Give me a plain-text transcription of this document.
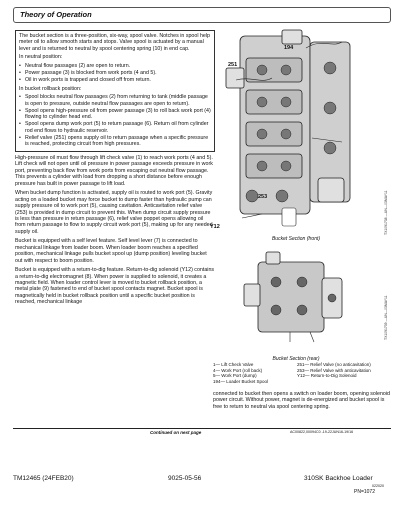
Theory of Operation

The bucket section is a three-position, six-way, spool valve. Notches in spool help meter oil to allow smooth starts and stops. Valve spool is actuated by a manual lever and is returned to neutral by spool centering spring (10) in end cap.

In neutral position:

• Neutral flow passages (2) are open to return.
• Power passage (3) is blocked from work ports (4 and 5).
• Oil in work ports is trapped and closed off from return.

In bucket rollback position:

• Spool blocks neutral flow passages (2) from returning to tank (middle passage is open to pressure, outside neutral flow passages are open to return).
• Spool opens high-pressure oil from power passage (3) to roll back work port (4) flowing to cylinder head end.
• Spool opens dump work port (5) to return passage (6). Return oil from cylinder rod end flows to hydraulic reservoir.
• Relief valve (251) opens supply oil to return passage when a specific pressure is reached, protecting circuit from high pressures.

High-pressure oil must flow through lift check valve (1) to reach work ports (4 and 5). Lift check will not open until oil pressure in power passage exceeds pressure in work port, preventing back flow from work ports from escaping out neutral flow passage. This prevents a cylinder with load from dropping a short distance before enough pressure has built in power passage to lift load.

When bucket dump function is activated, supply oil is routed to work port (5). Gravity acting on a loaded bucket may force bucket to dump faster than hydraulic pump can supply pressure oil to work port (5), causing cavitation. Anticavitation relief valve (253) is provided in dump circuit to prevent this. When dump circuit supply pressure is less than pressure in return passage (6), relief valve poppet opens allowing oil from return passage to flow to supply circuit work port (5), making up for any needed supply oil.

Bucket is equipped with a self level feature. Self level lever (7) is connected to mechanical linkage from loader boom. When loader boom reaches a specified position, mechanical linkage pulls bucket spool up (dump position) leveling bucket out with respect to boom position.

Bucket is equipped with a return-to-dig feature. Return-to-dig solenoid (Y12) contains a return-to-dig electromagnet (8). When power is supplied to solenoid, it creates a magnetic field. When loader control lever is moved to bucket rollback position, a metal plate (9) fastened to end of bucket spool contacts magnet. Bucket spool is magnetically held in bucket rollback position until a specific bucket position is reached, mechanical linkage

194
251
253
Y12	TX1091738 —UN—03MAY11
Bucket Section (front)
TX1091739 —UN—03MAY11
Bucket Section (rear)
1— Lift Check Valve
4— Work Port (roll back)
5— Work Port (dump)
194— Loader Bucket Spool
251— Relief Valve (no anticavitation)
253— Relief Valve with anticavitation
Y12— Return-to-Dig Solenoid

connected to bucket then opens a switch on loader boom, opening solenoid power circuit. Without power, magnet is de-energized and bucket spool is free to return to neutral via spool centering spring.

Continued on next page	AC00822,00094C0 -19-22JUN16-19/16
TM12465 (24FEB20)	9025-05-56	310SK Backhoe Loader
022020
PN=1072
